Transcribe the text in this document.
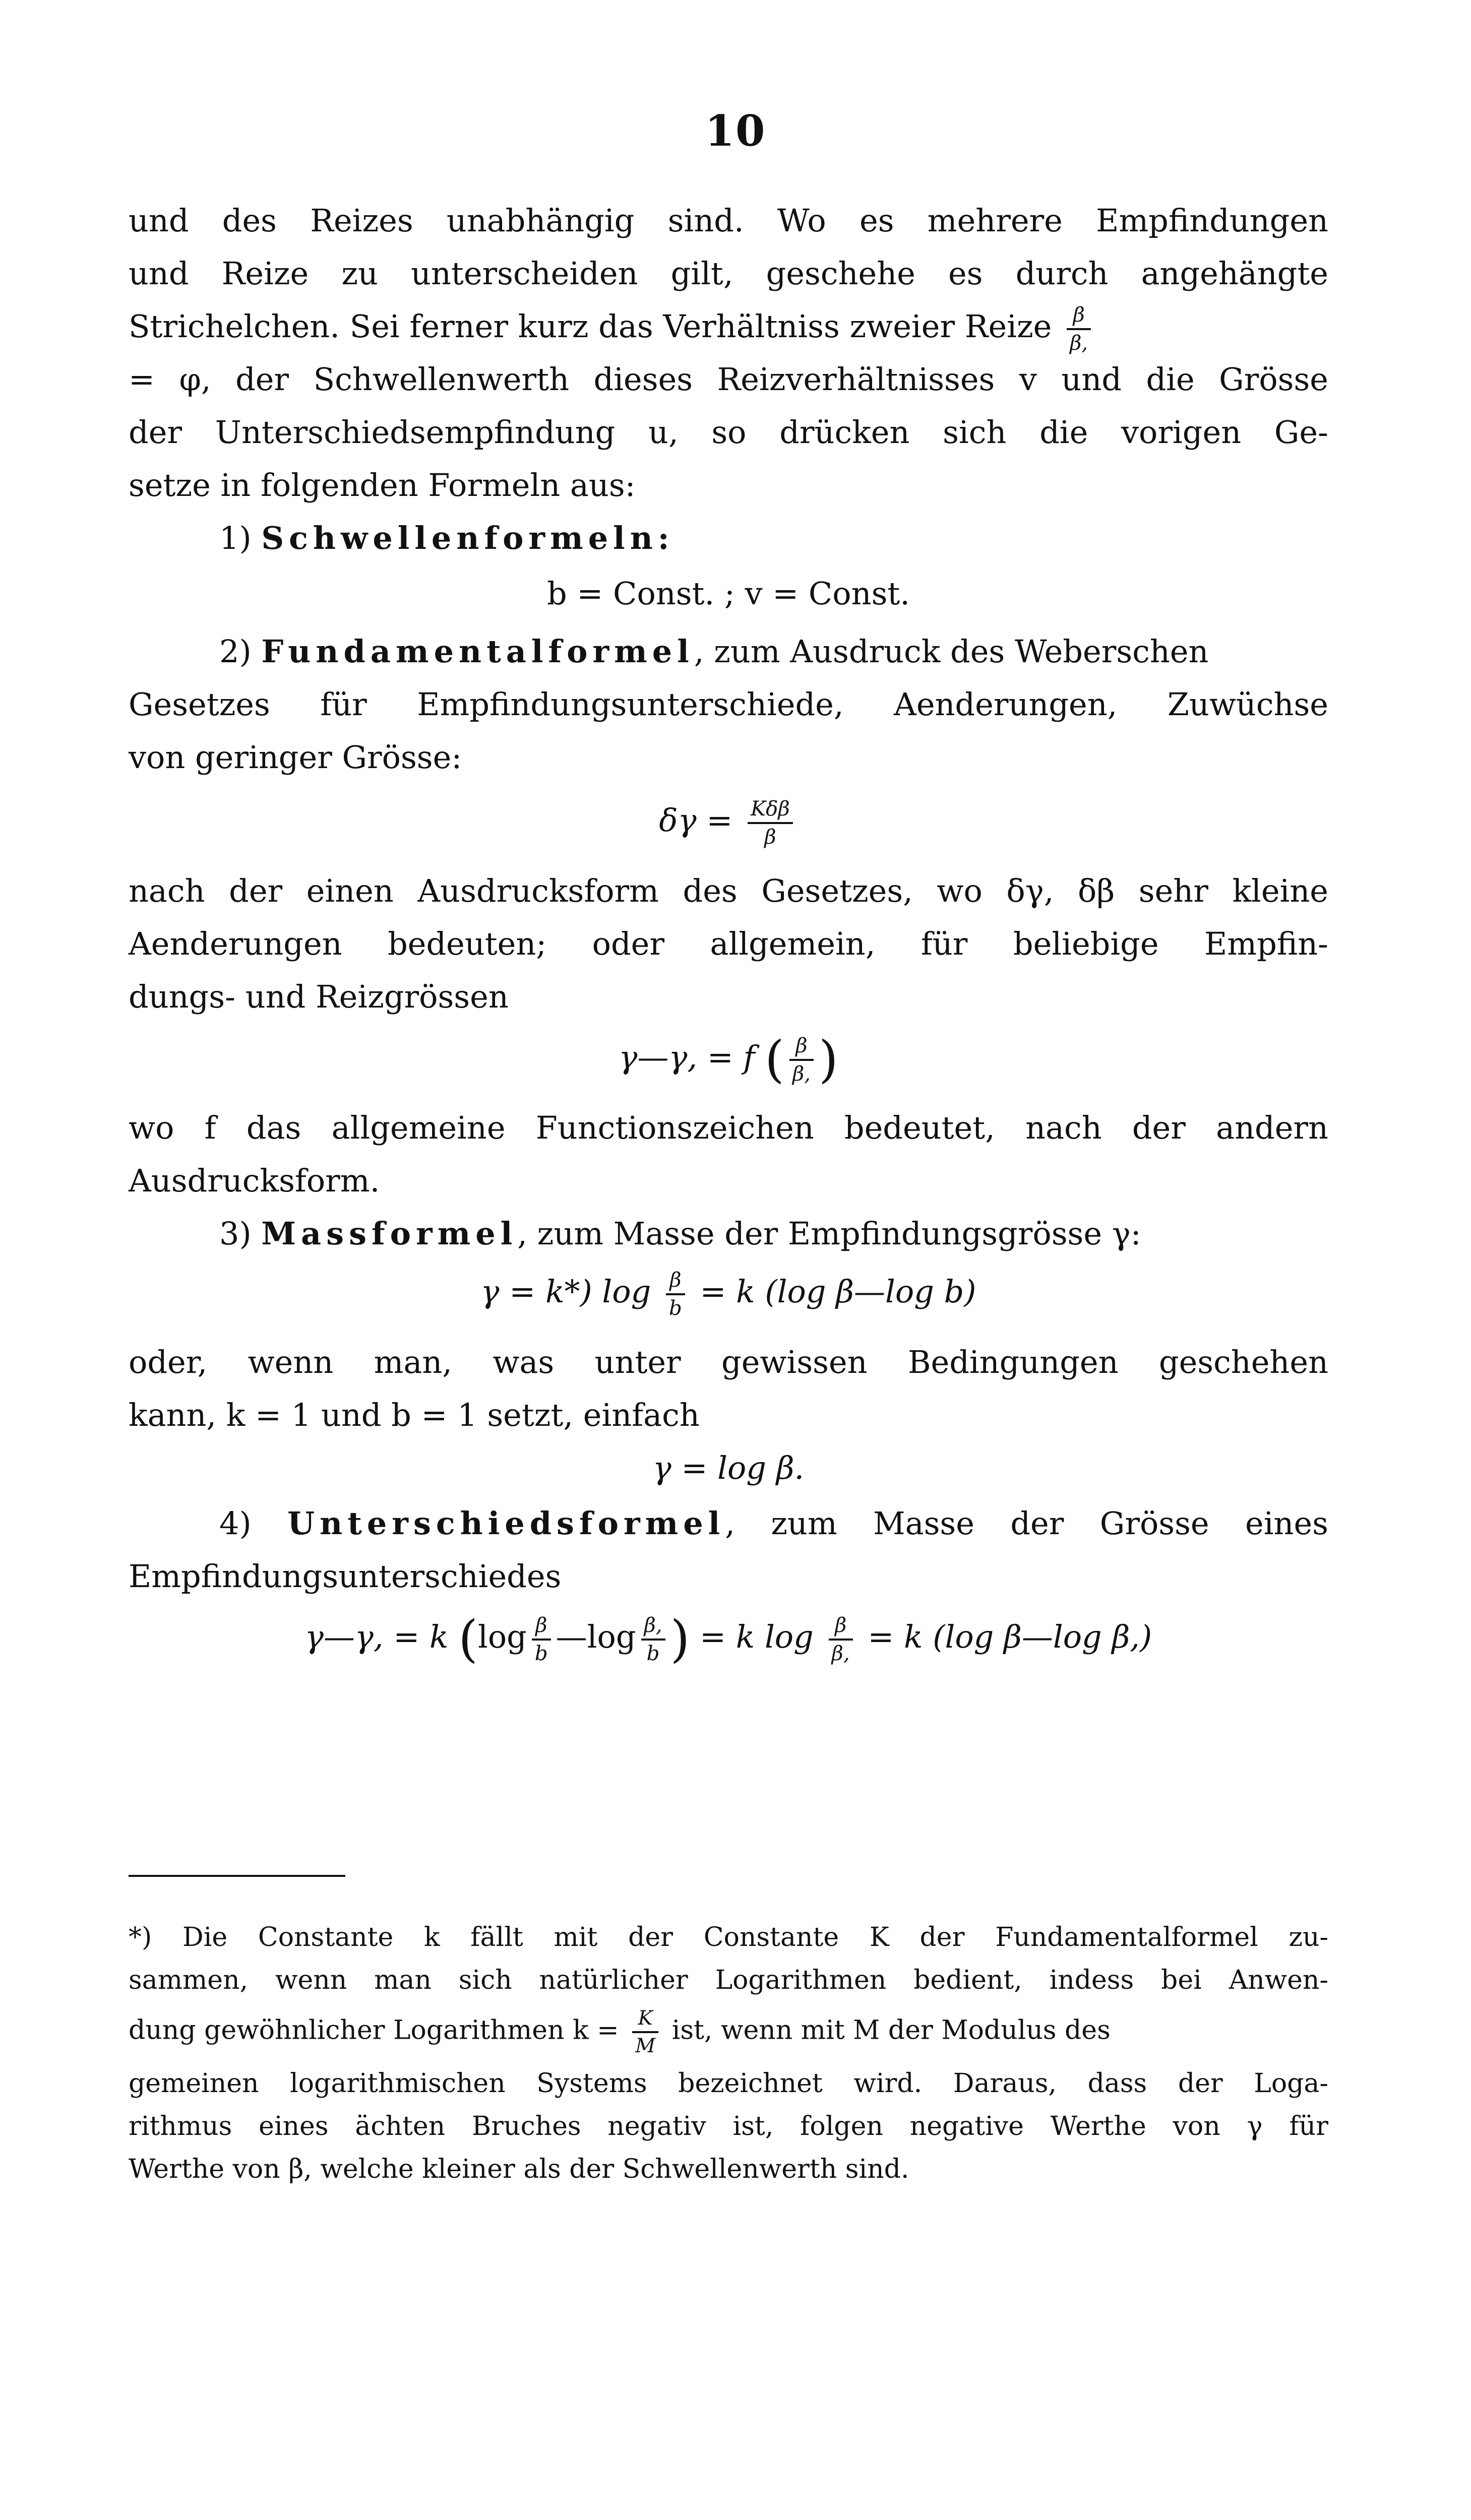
10
und des Reizes unabhängig sind. Wo es mehrere Empfindungen
und Reize zu unterscheiden gilt, geschehe es durch angehängte
Strichelchen. Sei ferner kurz das Verhältniss zweier Reize $\frac{\beta}{\beta,}$
= φ, der Schwellenwerth dieses Reizverhältnisses v und die Grösse
der Unterschiedsempfindung u, so drücken sich die vorigen Ge-
setze in folgenden Formeln aus:
1) Schwellenformeln:
b = Const. ; v = Const.
2) Fundamentalformel, zum Ausdruck des Weberschen
Gesetzes für Empfindungsunterschiede, Aenderungen, Zuwüchse
von geringer Grösse:
$\delta\gamma = \frac{\text{Kδβ}}{\beta}$
nach der einen Ausdrucksform des Gesetzes, wo δγ, δβ sehr kleine
Aenderungen bedeuten; oder allgemein, für beliebige Empfin-
dungs- und Reizgrössen
γ—γ, = f ( $\frac{\beta}{\beta,}$ )
wo f das allgemeine Functionszeichen bedeutet, nach der andern
Ausdrucksform.
3) Massformel, zum Masse der Empfindungsgrösse γ:
γ = k*) $\log \frac{\beta}{b} = k$ (log β—log b)
oder, wenn man, was unter gewissen Bedingungen geschehen
kann, k = 1 und b = 1 setzt, einfach
γ = log β.
4) Unterschiedsformel, zum Masse der Grösse eines
Empfindungsunterschiedes
γ—γ, = k ($\log \frac{\beta}{b}$ —log $\frac{\beta,}{b}$ ) = k $\log \frac{\beta}{\beta,} = k$ (log β—log β,)
*) Die Constante k fällt mit der Constante K der Fundamentalformel zu-
sammen, wenn man sich natürlicher Logarithmen bedient, indess bei Anwen-
dung gewöhnlicher Logarithmen $k = \frac{K}{M}$ ist, wenn mit M der Modulus des
gemeinen logarithmischen Systems bezeichnet wird. Daraus, dass der Loga-
rithmus eines ächten Bruches negativ ist, folgen negative Werthe von γ für
Werthe von β, welche kleiner als der Schwellenwerth sind.
